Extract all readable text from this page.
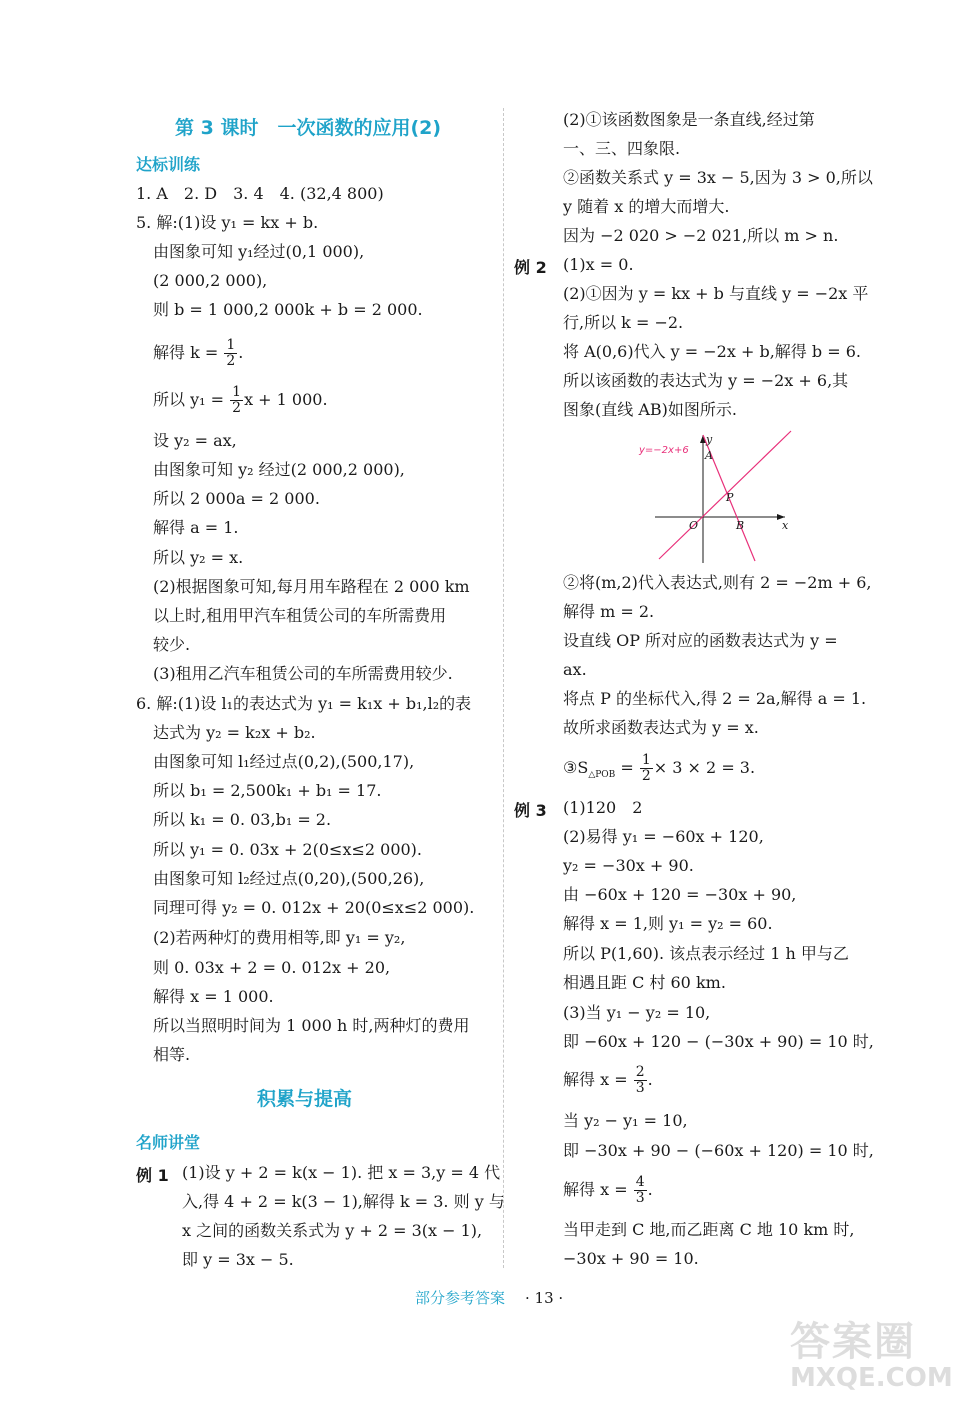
第 3 课时　一次函数的应用(2)
达标训练
1. A　2. D　3. 4　4. (32,4 800)
5. 解:(1)设 y₁ = kx + b.
由图象可知 y₁经过(0,1 000),
(2 000,2 000),
则 b = 1 000,2 000k + b = 2 000.
解得 $k = \frac{1}{2}$ .
所以 $y_1 = \frac{1}{2}$ x + 1 000.
设 y₂ = ax,
由图象可知 y₂ 经过(2 000,2 000),
所以 2 000a = 2 000.
解得 a = 1.
所以 y₂ = x.
(2)根据图象可知,每月用车路程在 2 000 km
以上时,租用甲汽车租赁公司的车所需费用
较少.
(3)租用乙汽车租赁公司的车所需费用较少.
6. 解:(1)设 l₁的表达式为 y₁ = k₁x + b₁,l₂的表
达式为 y₂ = k₂x + b₂.
由图象可知 l₁经过点(0,2),(500,17),
所以 b₁ = 2,500k₁ + b₁ = 17.
所以 k₁ = 0. 03,b₁ = 2.
所以 y₁ = 0. 03x + 2(0≤x≤2 000).
由图象可知 l₂经过点(0,20),(500,26),
同理可得 y₂ = 0. 012x + 20(0≤x≤2 000).
(2)若两种灯的费用相等,即 y₁ = y₂,
则 0. 03x + 2 = 0. 012x + 20,
解得 x = 1 000.
所以当照明时间为 1 000 h 时,两种灯的费用
相等.
积累与提高
名师讲堂
例 1 (1)设 y + 2 = k(x − 1). 把 x = 3,y = 4 代
入,得 4 + 2 = k(3 − 1),解得 k = 3. 则 y 与
x 之间的函数关系式为 y + 2 = 3(x − 1),
即 y = 3x − 5.
(2)①该函数图象是一条直线,经过第
一、三、四象限.
②函数关系式 y = 3x − 5,因为 3 > 0,所以
y 随着 x 的增大而增大.
因为 −2 020 > −2 021,所以 m > n.
例 2 (1)x = 0.
(2)①因为 y = kx + b 与直线 y = −2x 平
行,所以 k = −2.
将 A(0,6)代入 y = −2x + b,解得 b = 6.
所以该函数的表达式为 y = −2x + 6,其
图象(直线 AB)如图所示.
y=−2x+6
y
x
A
P
O	B
②将(m,2)代入表达式,则有 2 = −2m + 6,
解得 m = 2.
设直线 OP 所对应的函数表达式为 y =
ax.
将点 P 的坐标代入,得 2 = 2a,解得 a = 1.
故所求函数表达式为 y = x.
$③S_{\triangle POB} = \frac{1}{2} \times 3 \times 2 = 3$.
例 3 (1)120　2
(2)易得 y₁ = −60x + 120,
y₂ = −30x + 90.
由 −60x + 120 = −30x + 90,
解得 x = 1,则 y₁ = y₂ = 60.
所以 P(1,60). 该点表示经过 1 h 甲与乙
相遇且距 C 村 60 km.
(3)当 y₁ − y₂ = 10,
即 −60x + 120 − (−30x + 90) = 10 时,
解得 $x = \frac{2}{3}$ .
当 y₂ − y₁ = 10,
即 −30x + 90 − (−60x + 120) = 10 时,
解得 $x = \frac{4}{3}$ .
当甲走到 C 地,而乙距离 C 地 10 km 时,
−30x + 90 = 10.
部分参考答案 · 13 ·
答案圈
MXQE.COM
